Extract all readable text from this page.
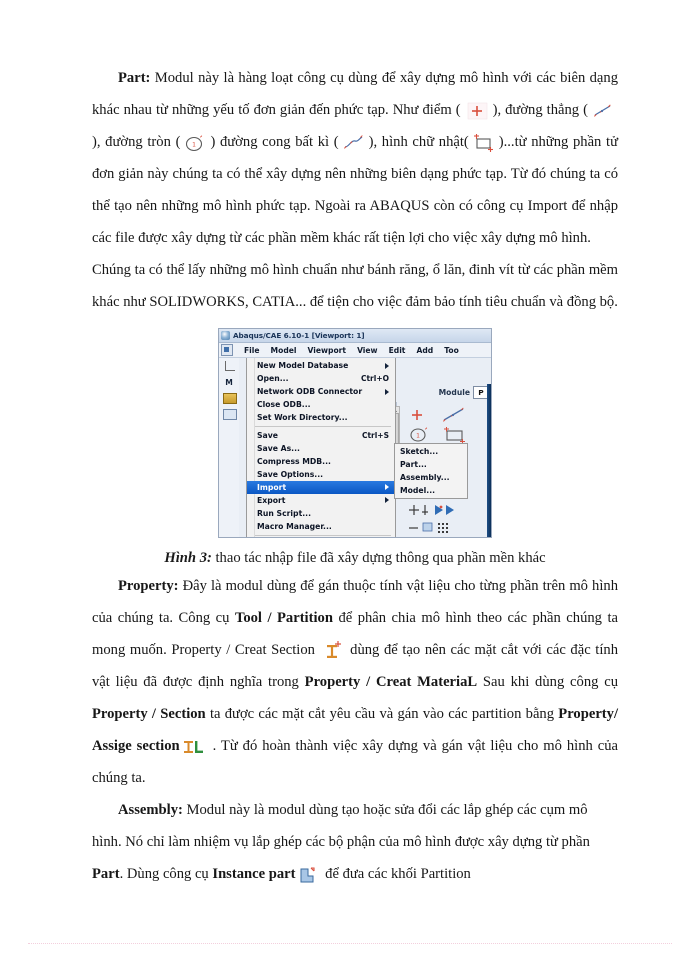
Part: Modul này là hàng loạt công cụ dùng để xây dựng mô hình với các biên dạng khác nhau từ những yếu tố đơn giản đến phức tạp. Như điểm ( ), đường thẳng (
), đường tròn ( 1 ) đường cong bất kì ( ), hình chữ nhật( )...từ những phần tử đơn giản này chúng ta có thể xây dựng nên những biên dạng phức tạp. Từ đó chúng ta có thể tạo nên những mô hình phức tạp. Ngoài ra ABAQUS còn có công cụ Import để nhập các file được xây dựng từ các phần mềm khác rất tiện lợi cho việc xây dựng mô hình.

Chúng ta có thể lấy những mô hình chuẩn như bánh răng, ổ lăn, đinh vít từ các phần mềm khác như SOLIDWORKS, CATIA... để tiện cho việc đảm bảo tính tiêu chuẩn và đồng bộ.

Abaqus/CAE 6.10-1 [Viewport: 1]
File Model Viewport View Edit Add Too
M
Module	P
1
New Model Database
Open...	Ctrl+O
Network ODB Connector
Close ODB...
Set Work Directory...
Save	Ctrl+S
Save As...
Compress MDB...
Save Options...
Import
Export
Run Script...
Macro Manager...
Sketch...
Part...
Assembly...
Model...

Hình 3: thao tác nhập file đã xây dựng thông qua phần mền khác

Property: Đây là modul dùng để gán thuộc tính vật liệu cho từng phần trên mô hình của chúng ta. Công cụ Tool / Partition để phân chia mô hình theo các phần chúng ta mong muốn. Property / Creat Section
dùng để tạo nên các mặt cắt với các đặc tính vật liệu đã được định nghĩa trong Property / Creat MateriaL Sau khi dùng công cụ Property / Section ta được các mặt cắt yêu cầu và gán vào các partition bằng Property/ Assige section
. Từ đó hoàn thành việc xây dựng và gán vật liệu cho mô hình của chúng ta.

Assembly: Modul này là modul dùng tạo hoặc sửa đổi các lắp ghép các cụm mô hình. Nó chỉ làm nhiệm vụ lắp ghép các bộ phận của mô hình được xây dựng từ phần Part. Dùng công cụ Instance part
để đưa các khối Partition
